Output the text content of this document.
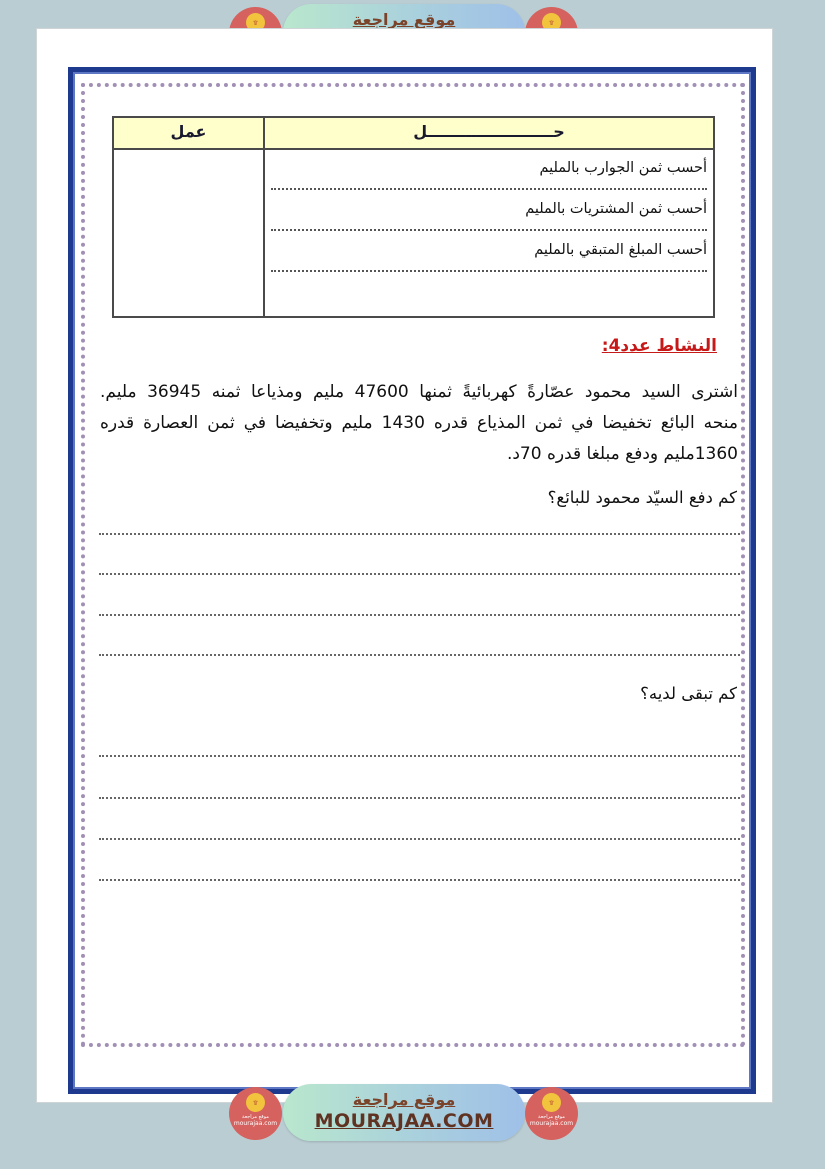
موقع مراجعة
۩	۩
حـــــــــــــــــــــــل
عمل
أحسب ثمن الجوارب بالمليم
أحسب ثمن المشتريات بالمليم
أحسب المبلغ المتبقي بالمليم
النشاط عدد4:
اشترى السيد محمود عصّارةً كهربائيةً ثمنها 47600 مليم ومذياعا ثمنه 36945 مليم.
منحه البائع تخفيضا في ثمن المذياع قدره 1430 مليم وتخفيضا في ثمن العصارة قدره
1360مليم ودفع مبلغا قدره 70د.
كم دفع السيّد محمود للبائع؟
كم تبقى لديه؟
موقع مراجعة
MOURAJAA.COM
۩
موقع مراجعة
mourajaa.com
۩
موقع مراجعة
mourajaa.com
